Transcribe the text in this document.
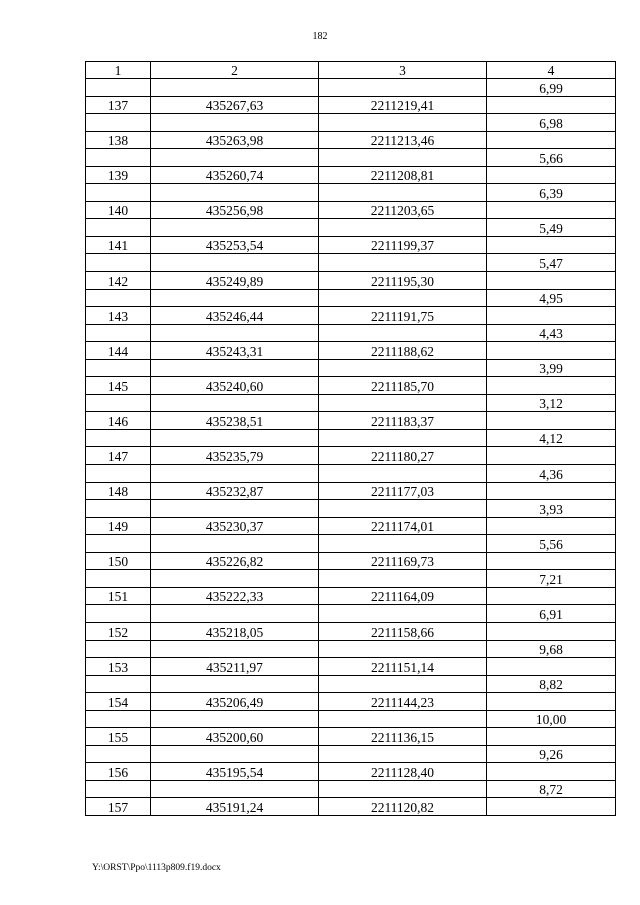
182
1	2	3	4
			6,99
137	435267,63	2211219,41	
			6,98
138	435263,98	2211213,46	
			5,66
139	435260,74	2211208,81	
			6,39
140	435256,98	2211203,65	
			5,49
141	435253,54	2211199,37	
			5,47
142	435249,89	2211195,30	
			4,95
143	435246,44	2211191,75	
			4,43
144	435243,31	2211188,62	
			3,99
145	435240,60	2211185,70	
			3,12
146	435238,51	2211183,37	
			4,12
147	435235,79	2211180,27	
			4,36
148	435232,87	2211177,03	
			3,93
149	435230,37	2211174,01	
			5,56
150	435226,82	2211169,73	
			7,21
151	435222,33	2211164,09	
			6,91
152	435218,05	2211158,66	
			9,68
153	435211,97	2211151,14	
			8,82
154	435206,49	2211144,23	
			10,00
155	435200,60	2211136,15	
			9,26
156	435195,54	2211128,40	
			8,72
157	435191,24	2211120,82	
Y:\ORST\Ppo\1113p809.f19.docx
